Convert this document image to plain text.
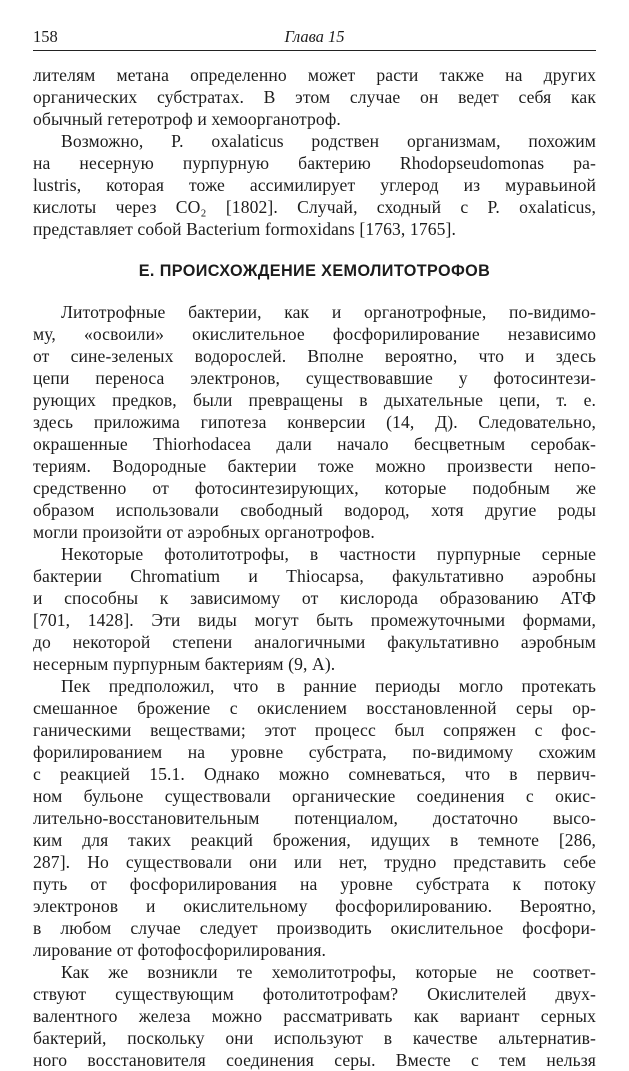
158	Глава 15
лителям метана определенно может расти также на других
органических субстратах. В этом случае он ведет себя как
обычный гетеротроф и хемоорганотроф.
Возможно, P. oxalaticus родствен организмам, похожим
на несерную пурпурную бактерию Rhodopseudomonas pa-
lustris, которая тоже ассимилирует углерод из муравьиной
кислоты через CO₂ [1802]. Случай, сходный с P. oxalaticus,
представляет собой Bacterium formoxidans [1763, 1765].
Е. ПРОИСХОЖДЕНИЕ ХЕМОЛИТОТРОФОВ
Литотрофные бактерии, как и органотрофные, по-видимо-
му, «освоили» окислительное фосфорилирование независимо
от сине-зеленых водорослей. Вполне вероятно, что и здесь
цепи переноса электронов, существовавшие у фотосинтези-
рующих предков, были превращены в дыхательные цепи, т. е.
здесь приложима гипотеза конверсии (14, Д). Следовательно,
окрашенные Thiorhodacea дали начало бесцветным серобак-
териям. Водородные бактерии тоже можно произвести непо-
средственно от фотосинтезирующих, которые подобным же
образом использовали свободный водород, хотя другие роды
могли произойти от аэробных органотрофов.
Некоторые фотолитотрофы, в частности пурпурные серные
бактерии Chromatium и Thiocapsa, факультативно аэробны
и способны к зависимому от кислорода образованию АТФ
[701, 1428]. Эти виды могут быть промежуточными формами,
до некоторой степени аналогичными факультативно аэробным
несерным пурпурным бактериям (9, А).
Пек предположил, что в ранние периоды могло протекать
смешанное брожение с окислением восстановленной серы ор-
ганическими веществами; этот процесс был сопряжен с фос-
форилированием на уровне субстрата, по-видимому схожим
с реакцией 15.1. Однако можно сомневаться, что в первич-
ном бульоне существовали органические соединения с окис-
лительно-восстановительным потенциалом, достаточно высо-
ким для таких реакций брожения, идущих в темноте [286,
287]. Но существовали они или нет, трудно представить себе
путь от фосфорилирования на уровне субстрата к потоку
электронов и окислительному фосфорилированию. Вероятно,
в любом случае следует производить окислительное фосфори-
лирование от фотофосфорилирования.
Как же возникли те хемолитотрофы, которые не соответ-
ствуют существующим фотолитотрофам? Окислителей двух-
валентного железа можно рассматривать как вариант серных
бактерий, поскольку они используют в качестве альтернатив-
ного восстановителя соединения серы. Вместе с тем нельзя
